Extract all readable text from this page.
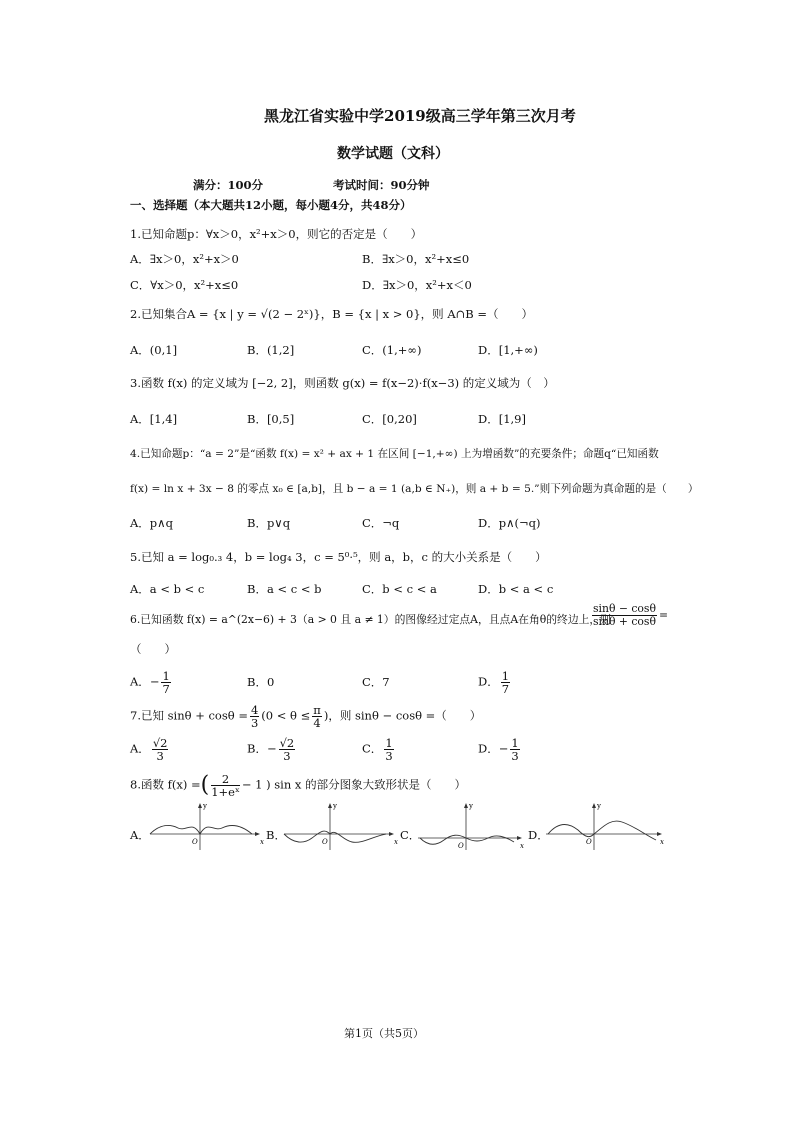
黑龙江省实验中学2019级高三学年第三次月考
数学试题（文科）
满分：100分	考试时间：90分钟
一、选择题（本大题共12小题，每小题4分，共48分）
1.已知命题p：∀x＞0，x²+x＞0，则它的否定是（　　）
A．∃x＞0，x²+x＞0	B．∃x＞0，x²+x≤0
C．∀x＞0，x²+x≤0	D．∃x＞0，x²+x＜0
2.已知集合A = {x | y = √(2 − 2ˣ)}，B = {x | x > 0}，则 A∩B =（　　）
A．(0,1]	B．(1,2]	C．(1,+∞)	D．[1,+∞)
3.函数 f(x) 的定义域为 [−2, 2]，则函数 g(x) = f(x−2)·f(x−3) 的定义域为（　）
A．[1,4]	B．[0,5]	C．[0,20]	D．[1,9]
4.已知命题p：“a = 2”是“函数 f(x) = x² + ax + 1 在区间 [−1,+∞) 上为增函数”的充要条件；命题q“已知函数
f(x) = ln x + 3x − 8 的零点 x₀ ∈ [a,b]，且 b − a = 1 (a,b ∈ N₊)，则 a + b = 5.”则下列命题为真命题的是（　　）
A．p∧q	B．p∨q	C．¬q	D．p∧(¬q)
5.已知 a = log₀.₃ 4，b = log₄ 3，c = 5⁰·⁵，则 a，b，c 的大小关系是（　　）
A．a < b < c	B．a < c < b	C．b < c < a	D．b < a < c
6.已知函数 f(x) = a^(2x−6) + 3（a > 0 且 a ≠ 1）的图像经过定点A，且点A在角θ的终边上，则
$\frac{\sin\theta - \cos\theta}{\sin\theta + \cos\theta}$ =
（　　）
A．− $\frac{1}{7}$	B．0	C．7	D． $\frac{1}{7}$
7.已知 $\sin\theta + \cos\theta = \frac{4}{3} (0 < \theta \le \frac{\pi}{4}$ )，则 sinθ − cosθ =（　　）
A． $\frac{√2}{3}$	B．− $\frac{√2}{3}$	C． $\frac{1}{3}$	D．− $\frac{1}{3}$
8.函数 f(x) =( $\frac{2}{\text{1+eˣ}} - 1$ ) sin x 的部分图象大致形状是（　　）
A．	B．	C．	D．
y
x
O
y
x
O
y
x
O
y
x
O
第1页（共5页）
